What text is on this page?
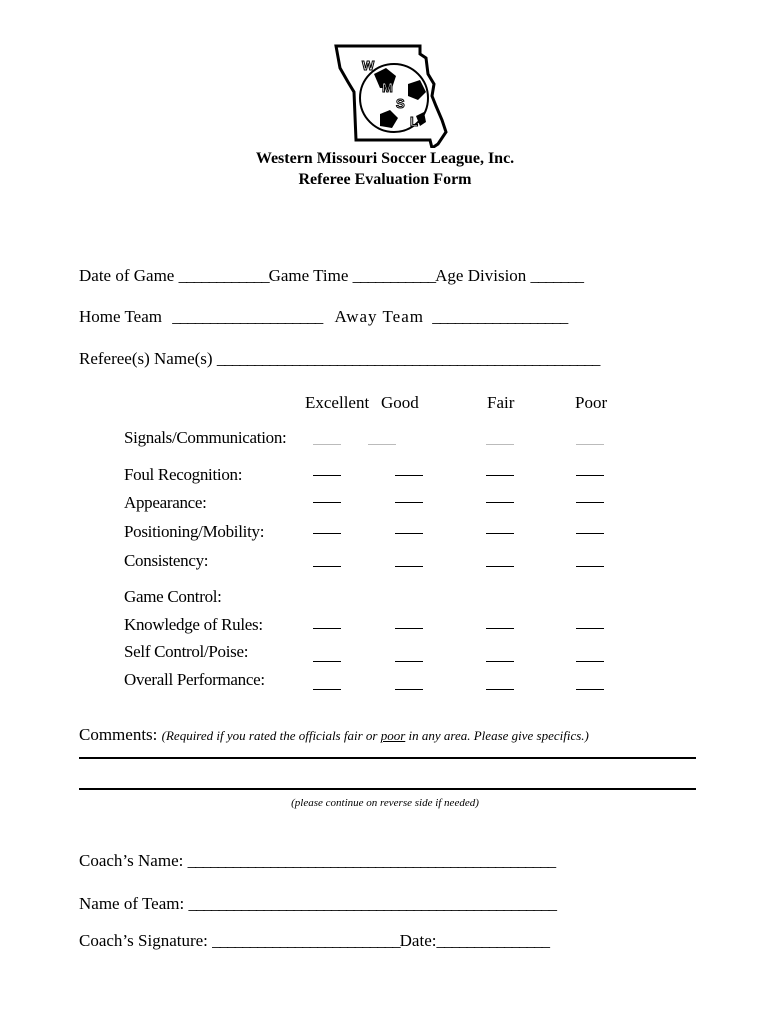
W
M
S
L
Western Missouri Soccer League, Inc.
Referee Evaluation Form
Date of Game ____________Game Time ___________Age Division _______
Home Team ____________________ Away Team __________________
Referee(s) Name(s) ___________________________________________________
Excellent Good	Fair	Poor
Signals/Communication:
Foul Recognition:
Appearance:
Positioning/Mobility:
Consistency:
Game Control:
Knowledge of Rules:
Self Control/Poise:
Overall Performance:
Comments: (Required if you rated the officials fair or poor in any area. Please give specifics.)
(please continue on reverse side if needed)
Coach’s Name: _________________________________________________
Name of Team: _________________________________________________
Coach’s Signature: _________________________Date:_______________
